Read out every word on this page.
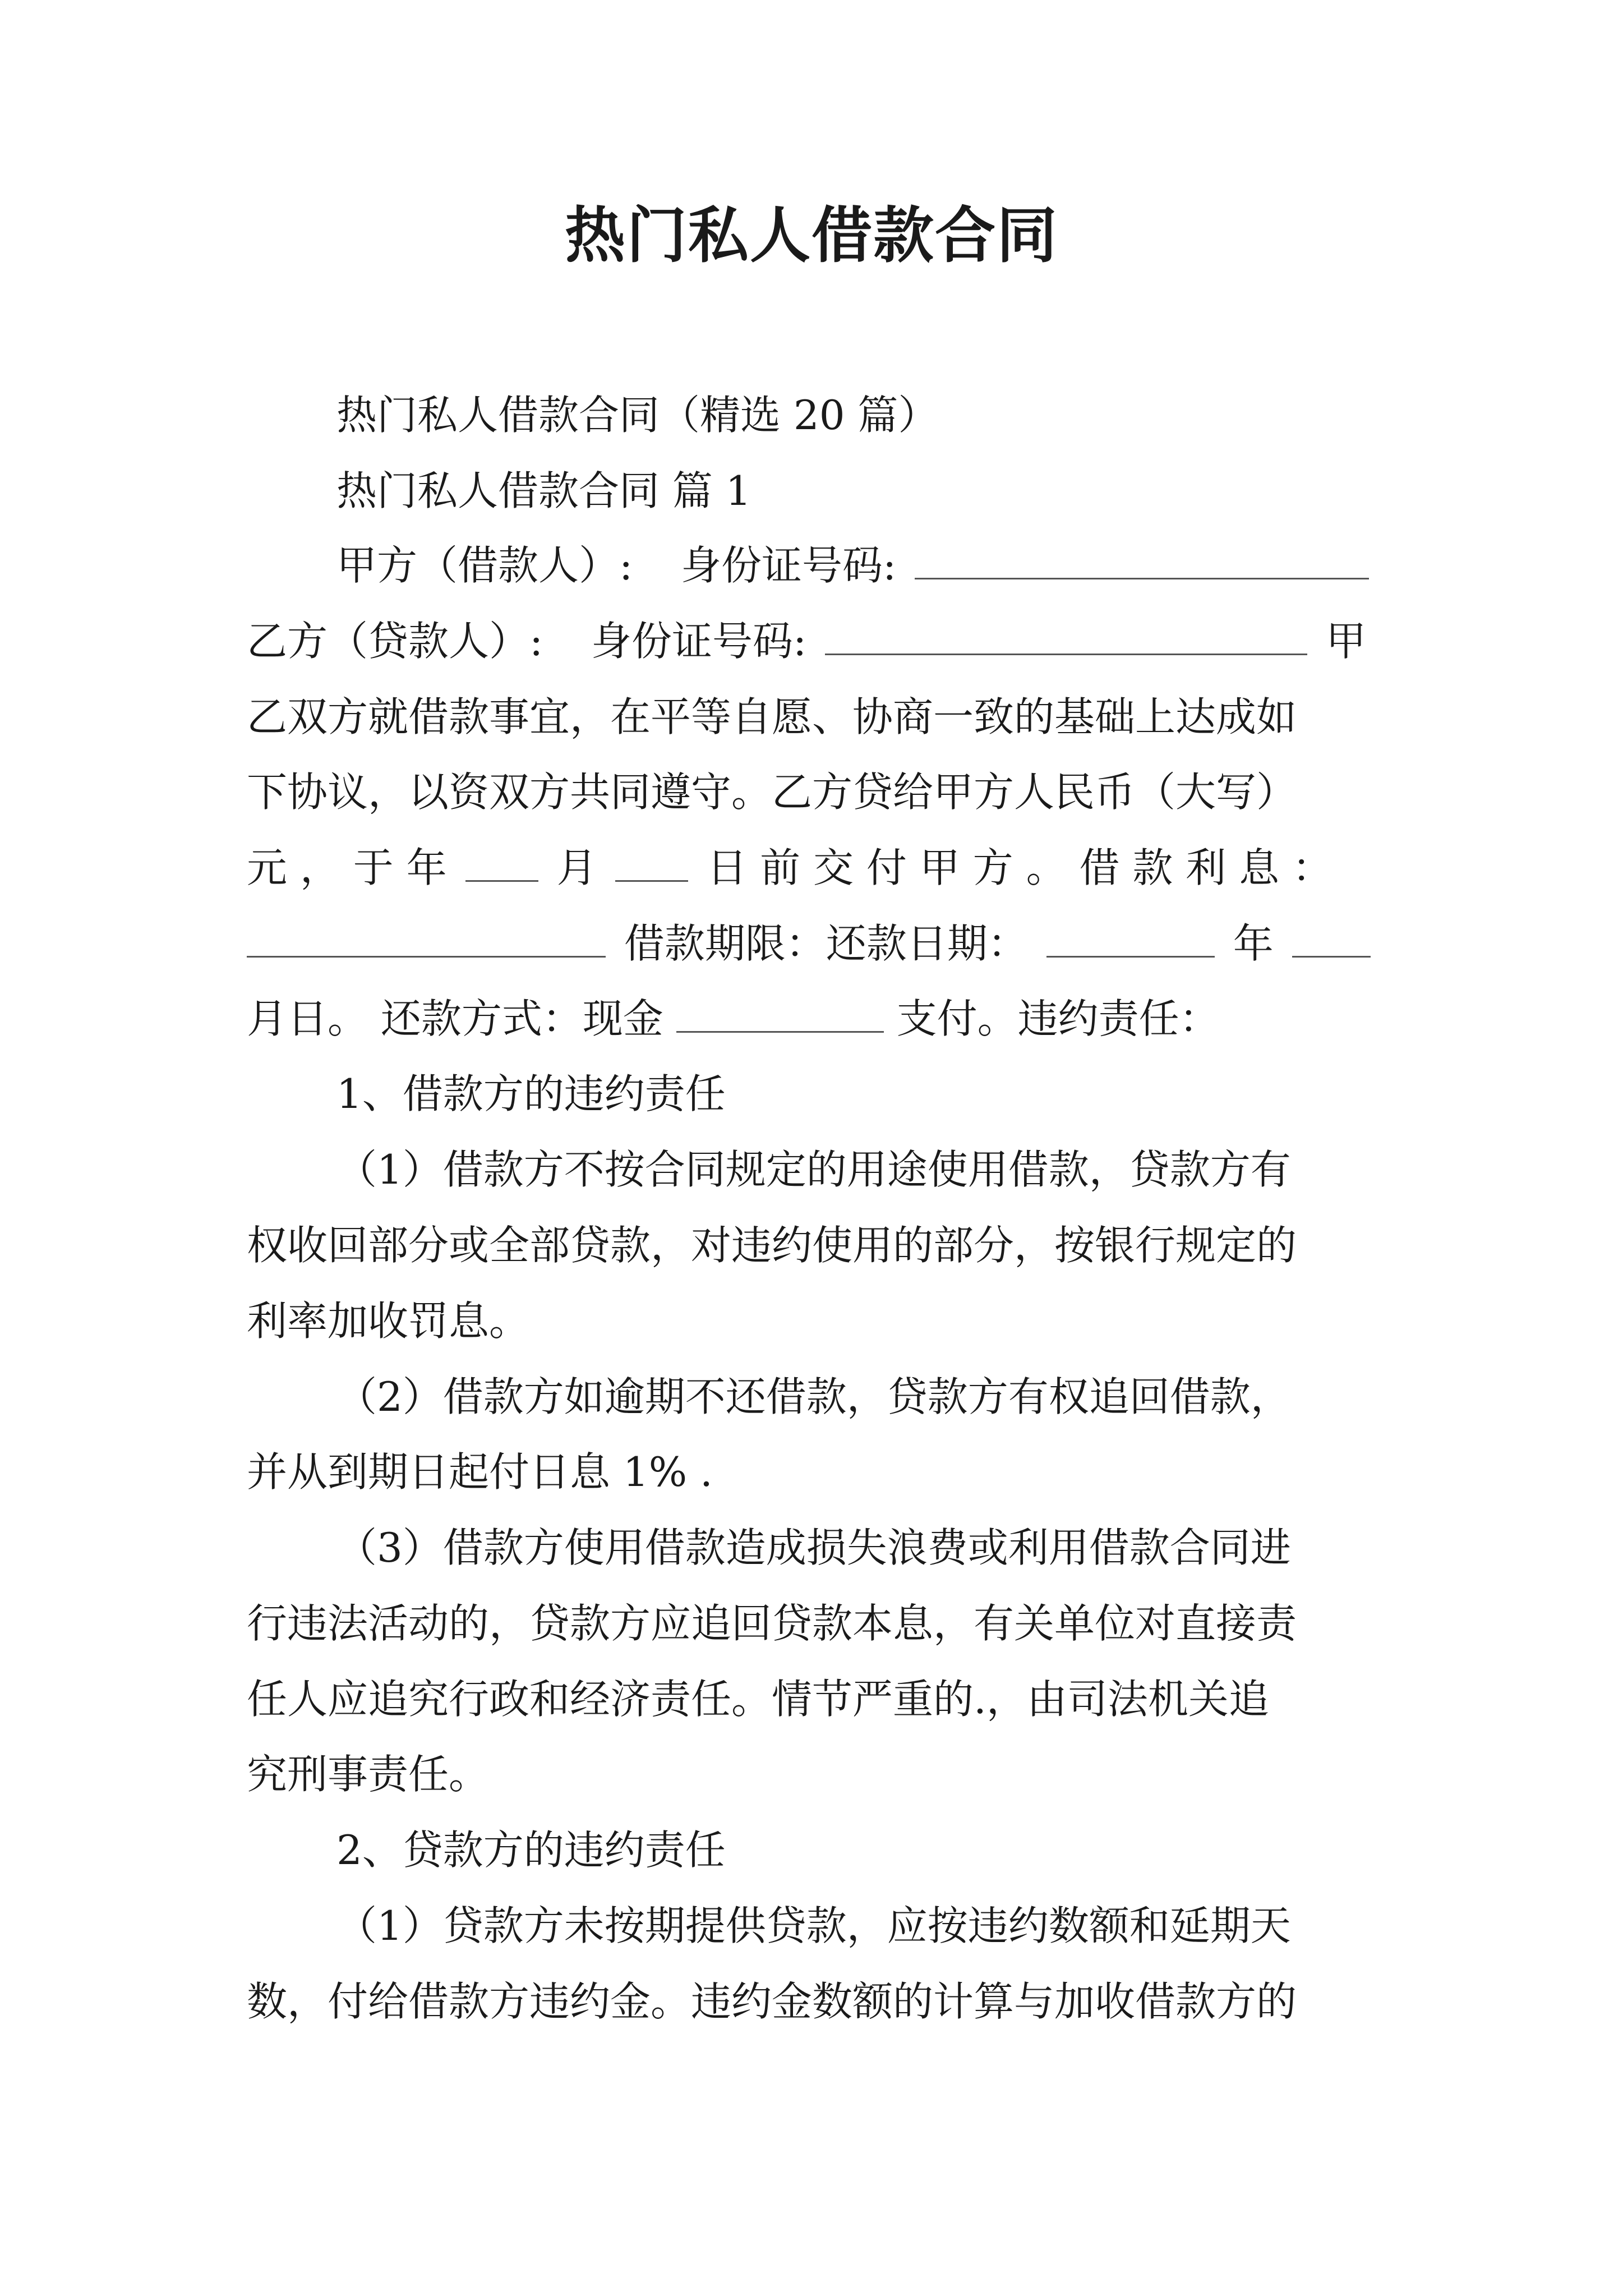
热门私人借款合同
热门私人借款合同（精选 20 篇）
热门私人借款合同 篇 1
甲方（借款人）: 身份证号码:
乙方（贷款人）: 身份证号码:	甲
乙双方就借款事宜，在平等自愿、协商一致的基础上达成如
下协议，以资双方共同遵守。乙方贷给甲方人民币（大写）
元 ， 于 年	月	日 前 交 付 甲 方 。 借 款 利 息 ：
借款期限：还款日期：	年
月日。 还款方式：现金	支付。违约责任：
1、借款方的违约责任
（1）借款方不按合同规定的用途使用借款，贷款方有
权收回部分或全部贷款，对违约使用的部分，按银行规定的
利率加收罚息。
（2）借款方如逾期不还借款，贷款方有权追回借款，
并从到期日起付日息 1% .
（3）借款方使用借款造成损失浪费或利用借款合同进
行违法活动的，贷款方应追回贷款本息，有关单位对直接责
任人应追究行政和经济责任。情节严重的.，由司法机关追
究刑事责任。
2、贷款方的违约责任
（1）贷款方未按期提供贷款，应按违约数额和延期天
数，付给借款方违约金。违约金数额的计算与加收借款方的
